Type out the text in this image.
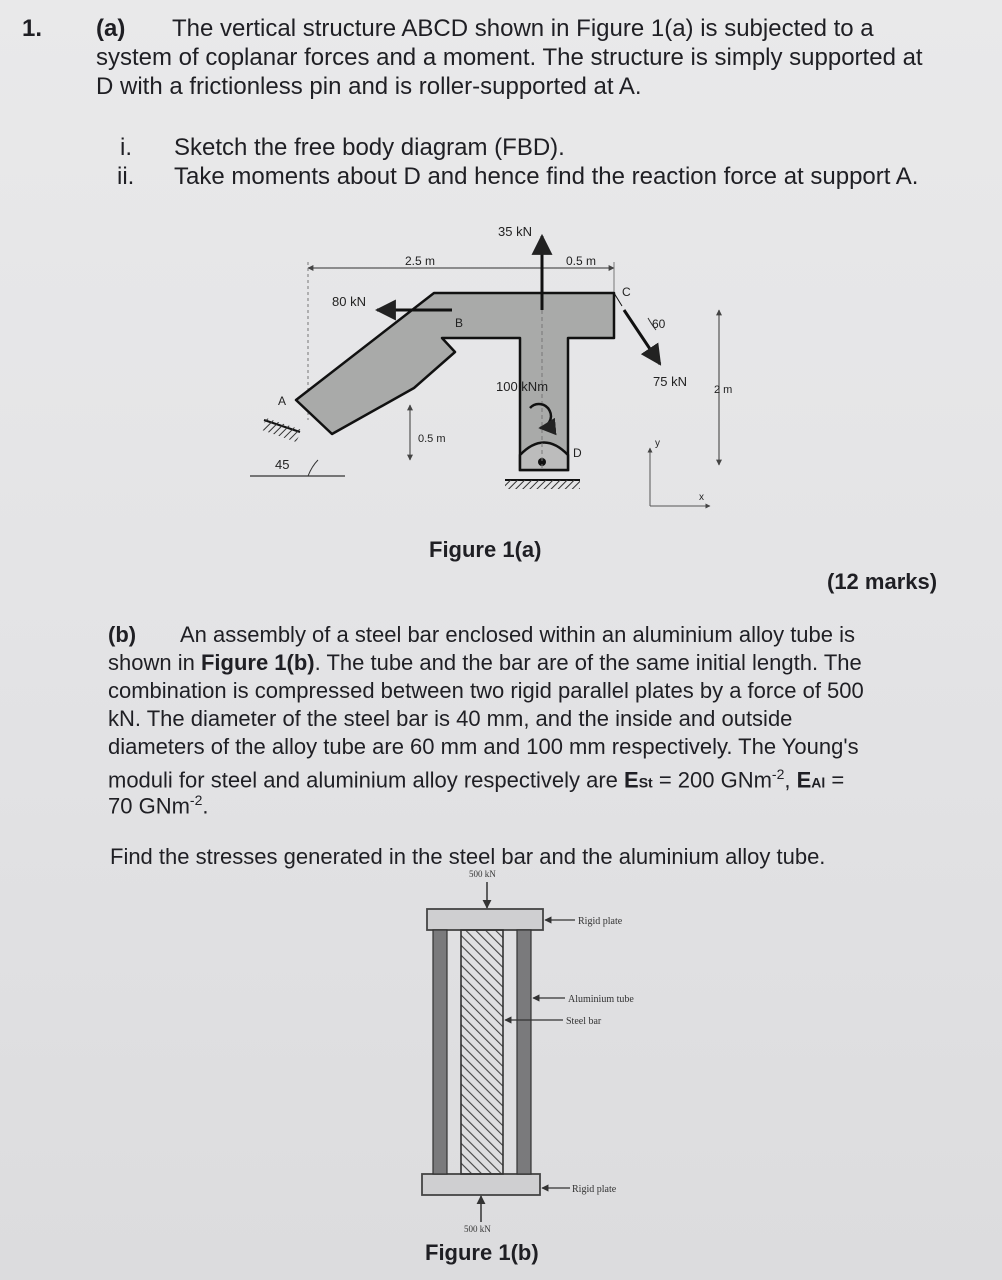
1. (a) The vertical structure ABCD shown in Figure 1(a) is subjected to a
system of coplanar forces and a moment. The structure is simply supported at
D with a frictionless pin and is roller-supported at A.
i. Sketch the free body diagram (FBD).
ii. Take moments about D and hence find the reaction force at support A.
2.5 m	0.5 m
35 kN
80 kN
B
C
A
D
60
75 kN
2 m
100 kNm
0.5 m
45
y
x
Figure 1(a)
(12 marks)
(b) An assembly of a steel bar enclosed within an aluminium alloy tube is
shown in Figure 1(b). The tube and the bar are of the same initial length. The
combination is compressed between two rigid parallel plates by a force of 500
kN. The diameter of the steel bar is 40 mm, and the inside and outside
diameters of the alloy tube are 60 mm and 100 mm respectively. The Young's
moduli for steel and aluminium alloy respectively are ESt = 200 GNm$^{-2}$, EAl =
70 GNm$^{-2}$.
Find the stresses generated in the steel bar and the aluminium alloy tube.
500 kN
500 kN
Rigid plate
Aluminium tube
Steel bar
Rigid plate
Figure 1(b)
